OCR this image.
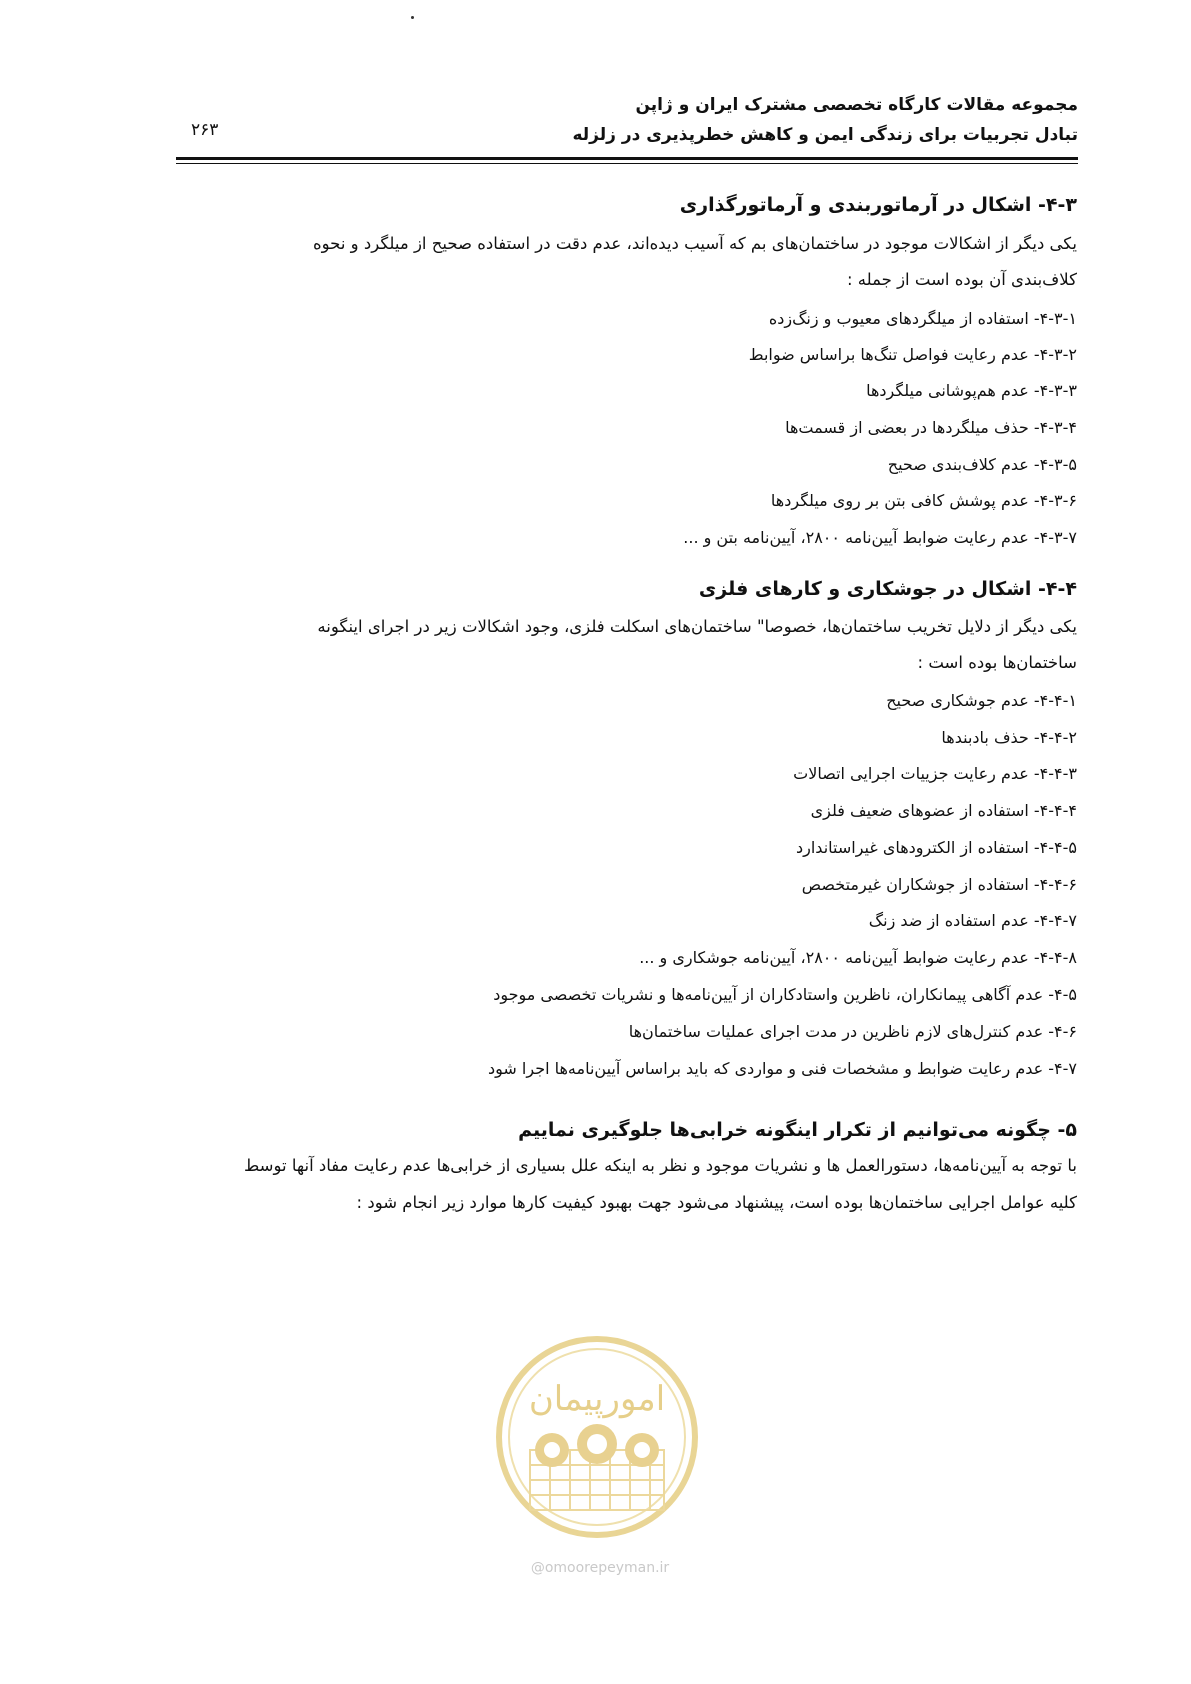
مجموعه مقالات کارگاه تخصصی مشترک ایران و ژاپن
تبادل تجربیات برای زندگی ایمن و کاهش خطرپذیری در زلزله
۲۶۳
۴-۳- اشکال در آرماتوربندی و آرماتورگذاری
یکی دیگر از اشکالات موجود در ساختمان‌های بم که آسیب دیده‌اند، عدم دقت در استفاده صحیح از میلگرد و نحوه
کلاف‌بندی آن بوده است از جمله :
۴-۳-۱- استفاده از میلگردهای معیوب و زنگ‌زده
۴-۳-۲- عدم رعایت فواصل تنگ‌ها براساس ضوابط
۴-۳-۳- عدم هم‌پوشانی میلگردها
۴-۳-۴- حذف میلگردها در بعضی از قسمت‌ها
۴-۳-۵- عدم کلاف‌بندی صحیح
۴-۳-۶- عدم پوشش کافی بتن بر روی میلگردها
۴-۳-۷- عدم رعایت ضوابط آیین‌نامه ۲۸۰۰، آیین‌نامه بتن و ...
۴-۴- اشکال در جوشکاری و کارهای فلزی
یکی دیگر از دلایل تخریب ساختمان‌ها، خصوصا" ساختمان‌های اسکلت فلزی، وجود اشکالات زیر در اجرای اینگونه
ساختمان‌ها بوده است :
۴-۴-۱- عدم جوشکاری صحیح
۴-۴-۲- حذف بادبندها
۴-۴-۳- عدم رعایت جزییات اجرایی اتصالات
۴-۴-۴- استفاده از عضوهای ضعیف فلزی
۴-۴-۵- استفاده از الکترودهای غیراستاندارد
۴-۴-۶- استفاده از جوشکاران غیرمتخصص
۴-۴-۷- عدم استفاده از ضد زنگ
۴-۴-۸- عدم رعایت ضوابط آیین‌نامه ۲۸۰۰، آیین‌نامه جوشکاری و ...
۴-۵- عدم آگاهی پیمانکاران، ناظرین واستادکاران از آیین‌نامه‌ها و نشریات تخصصی موجود
۴-۶- عدم کنترل‌های لازم ناظرین در مدت اجرای عملیات ساختمان‌ها
۴-۷- عدم رعایت ضوابط و مشخصات فنی و مواردی که باید براساس آیین‌نامه‌ها اجرا شود
۵- چگونه می‌توانیم از تکرار اینگونه خرابی‌ها جلوگیری نماییم
با توجه به آیین‌نامه‌ها، دستورالعمل ها و نشریات موجود و نظر به اینکه علل بسیاری از خرابی‌ها عدم رعایت مفاد آنها توسط
کلیه عوامل اجرایی ساختمان‌ها بوده است، پیشنهاد می‌شود جهت بهبود کیفیت کارها موارد زیر انجام شود :
امورپیمان
@omoorepeyman.ir
